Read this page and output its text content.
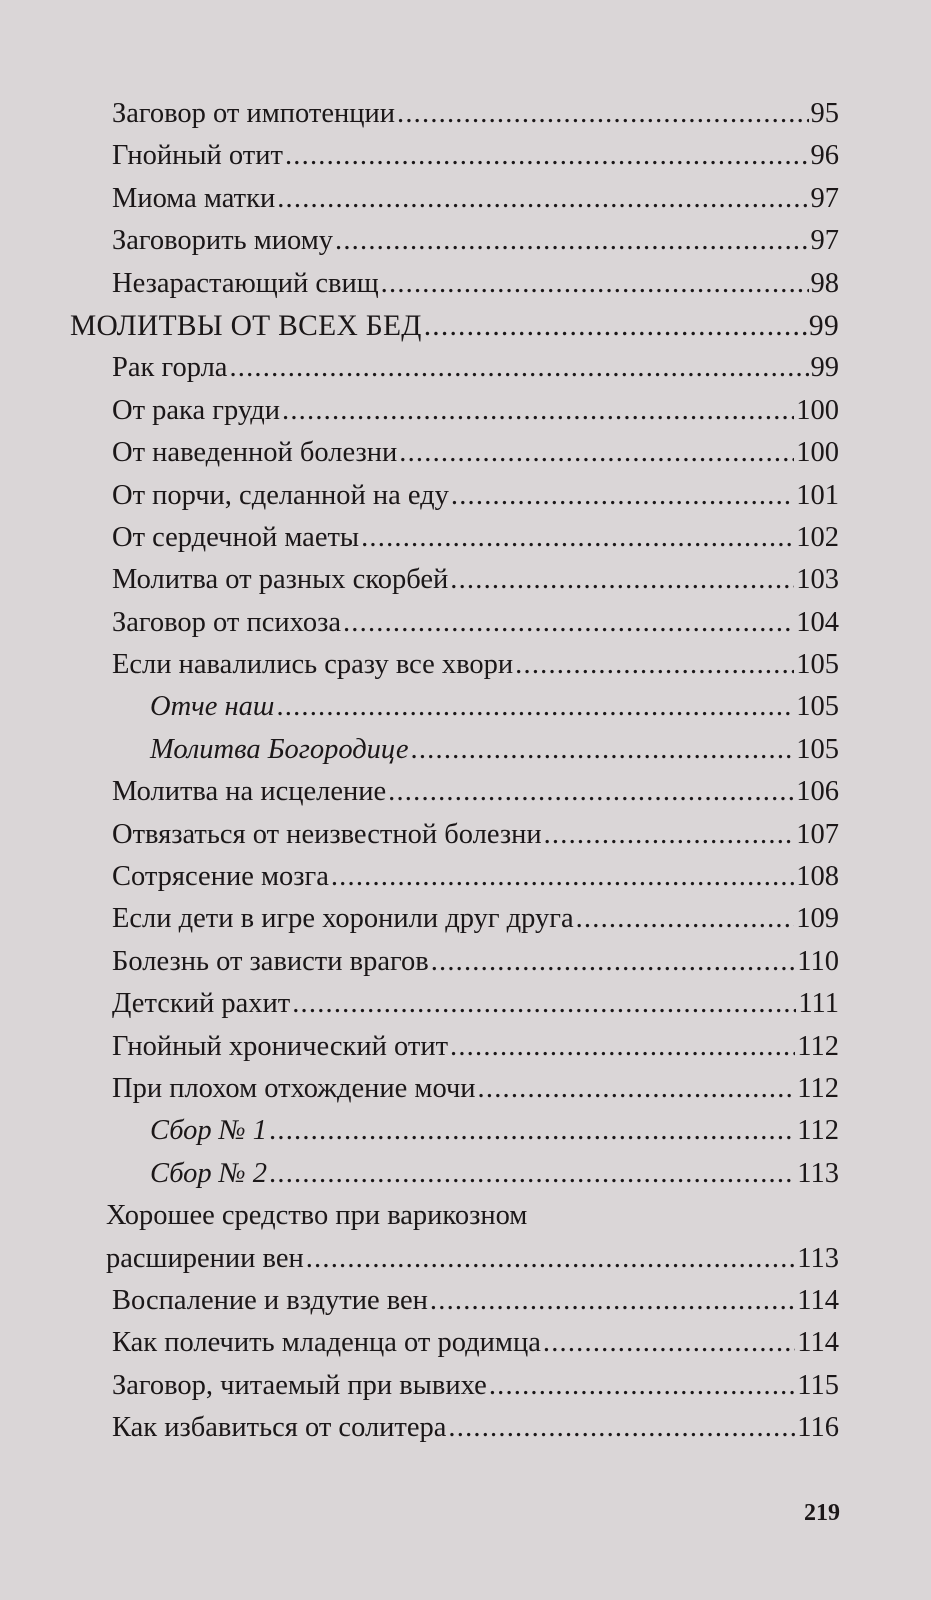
Заговор от импотенции .....	95
Гнойный отит .....	96
Миома матки .....	97
Заговорить миому .....	97
Незарастающий свищ .....	98
МОЛИТВЫ ОТ ВСЕХ БЕД .....	99
Рак горла .....	99
От рака груди .....	100
От наведенной болезни .....	100
От порчи, сделанной на еду .....	101
От сердечной маеты .....	102
Молитва от разных скорбей .....	103
Заговор от психоза .....	104
Если навалились сразу все хвори .....	105
Отче наш .....	105
Молитва Богородице .....	105
Молитва на исцеление .....	106
Отвязаться от неизвестной болезни .....	107
Сотрясение мозга .....	108
Если дети в игре хоронили друг друга .....	109
Болезнь от зависти врагов .....	110
Детский рахит .....	111
Гнойный хронический отит .....	112
При плохом отхождение мочи .....	112
Сбор № 1 .....	112
Сбор № 2 .....	113
Хорошее средство при варикозном
расширении вен .....	113
Воспаление и вздутие вен .....	114
Как полечить младенца от родимца .....	114
Заговор, читаемый при вывихе .....	115
Как избавиться от солитера .....	116
219
